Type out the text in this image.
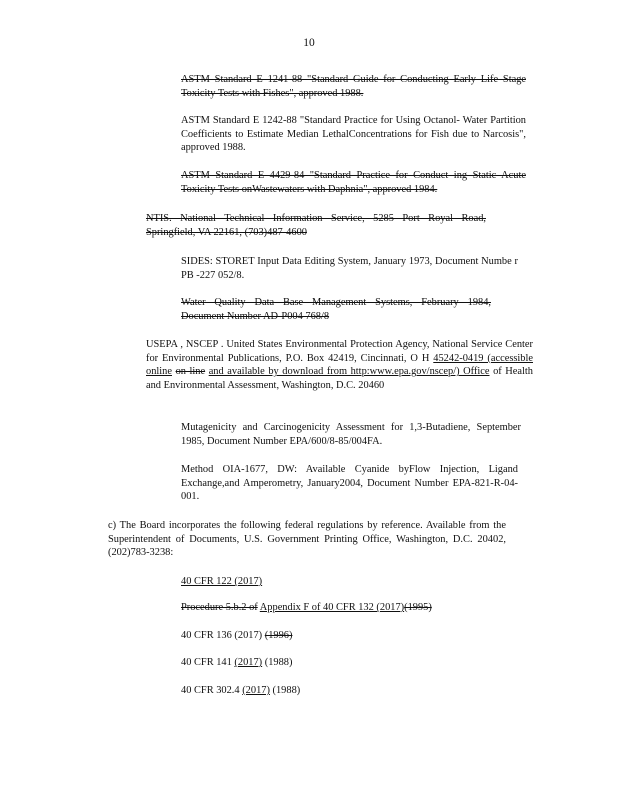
10
ASTM Standard E 1241-88 "Standard Guide for Conducting Early Life Stage Toxicity Tests with Fishes", approved 1988.
ASTM Standard E 1242-88 "Standard Practice for Using Octanol- Water Partition Coefficients to Estimate Median LethalConcentrations for Fish due to Narcosis", approved 1988.
ASTM Standard E 4429-84 "Standard Practice for Conduct ing Static Acute Toxicity Tests onWastewaters with Daphnia", approved 1984.
NTIS. National Technical Information Service, 5285 Port Royal Road, Springfield, VA 22161, (703)487-4600
SIDES: STORET Input Data Editing System, January 1973, Document Numbe r PB -227 052/8.
Water Quality Data Base Management Systems, February 1984, Document Number AD-P004 768/8
USEPA , NSCEP . United States Environmental Protection Agency, National Service Center for Environmental Publications, P.O. Box 42419, Cincinnati, O H 45242-0419 (accessible online on line and available by download from http:www.epa.gov/nscep/) Office of Health and Environmental Assessment, Washington, D.C. 20460
Mutagenicity and Carcinogenicity Assessment for 1,3-Butadiene, September 1985, Document Number EPA/600/8-85/004FA.
Method OIA-1677, DW: Available Cyanide byFlow Injection, Ligand Exchange,and Amperometry, January2004, Document Number EPA-821-R-04-001.
c) The Board incorporates the following federal regulations by reference. Available from the Superintendent of Documents, U.S. Government Printing Office, Washington, D.C. 20402, (202)783-3238:
40 CFR 122 (2017)
Procedure 5.b.2 of Appendix F of 40 CFR 132 (2017)(1995)
40 CFR 136 (2017) (1996)
40 CFR 141 (2017) (1988)
40 CFR 302.4 (2017) (1988)
